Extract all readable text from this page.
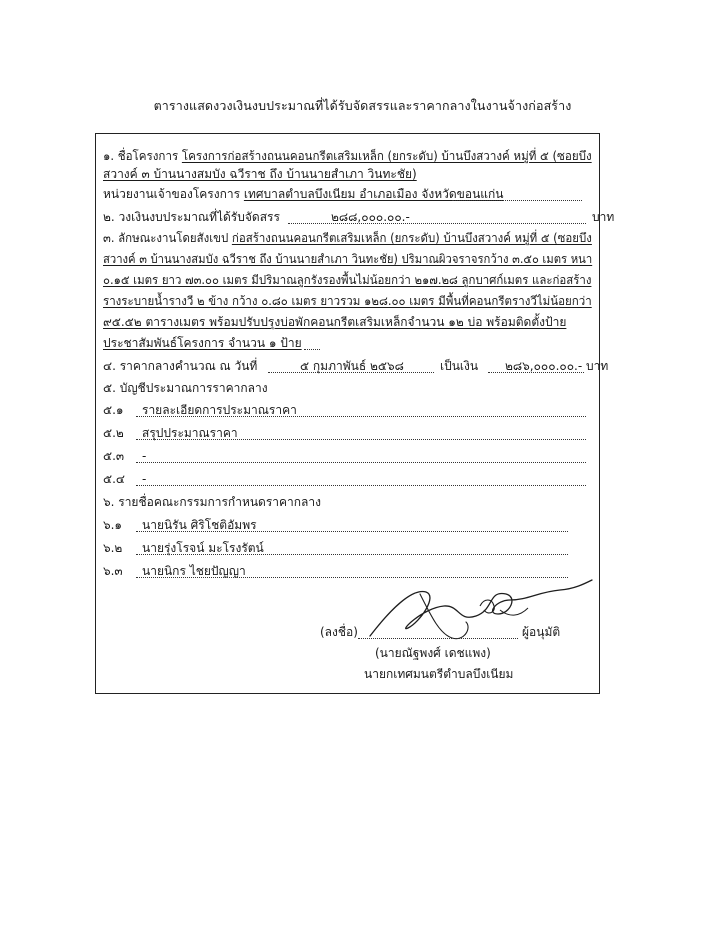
ตารางแสดงวงเงินงบประมาณที่ได้รับจัดสรรและราคากลางในงานจ้างก่อสร้าง
๑. ชื่อโครงการ โครงการก่อสร้างถนนคอนกรีตเสริมเหล็ก (ยกระดับ) บ้านบึงสวางค์ หมู่ที่ ๕ (ซอยบึง
สวางค์ ๓ บ้านนางสมบัง ฉวีราช ถึง บ้านนายสำเภา วินทะชัย)
หน่วยงานเจ้าของโครงการ เทศบาลตำบลบึงเนียม อำเภอเมือง จังหวัดขอนแก่น
๒. วงเงินงบประมาณที่ได้รับจัดสรร	๒๘๘,๐๐๐.๐๐.-	บาท
๓. ลักษณะงานโดยสังเขป ก่อสร้างถนนคอนกรีตเสริมเหล็ก (ยกระดับ) บ้านบึงสวางค์ หมู่ที่ ๕ (ซอยบึง
สวางค์ ๓ บ้านนางสมบัง ฉวีราช ถึง บ้านนายสำเภา วินทะชัย) ปริมาณผิวจราจรกว้าง ๓.๕๐ เมตร หนา
๐.๑๕ เมตร ยาว ๗๓.๐๐ เมตร มีปริมาณลูกรังรองพื้นไม่น้อยกว่า ๒๑๗.๒๘ ลูกบาศก์เมตร และก่อสร้าง
รางระบายน้ำรางวี ๒ ข้าง กว้าง ๐.๘๐ เมตร ยาวรวม ๑๒๘.๐๐ เมตร มีพื้นที่คอนกรีตรางวีไม่น้อยกว่า
๙๕.๕๒ ตารางเมตร พร้อมปรับปรุงบ่อพักคอนกรีตเสริมเหล็กจำนวน ๑๒ บ่อ พร้อมติดตั้งป้าย
ประชาสัมพันธ์โครงการ จำนวน ๑ ป้าย
๔. ราคากลางคำนวณ ณ วันที่	๕ กุมภาพันธ์ ๒๕๖๘	เป็นเงิน ๒๘๖,๐๐๐.๐๐.- บาท
๕. บัญชีประมาณการราคากลาง
๕.๑ รายละเอียดการประมาณราคา
๕.๒ สรุปประมาณราคา
๕.๓ -
๕.๔ -
๖. รายชื่อคณะกรรมการกำหนดราคากลาง
๖.๑ นายนิรัน ศิริโชติอัมพร
๖.๒ นายรุ่งโรจน์ มะโรงรัตน์
๖.๓ นายนิกร ไชยปัญญา
(ลงชื่อ)	ผู้อนุมัติ
(นายณัฐพงศ์ เดชแพง)
นายกเทศมนตรีตำบลบึงเนียม
